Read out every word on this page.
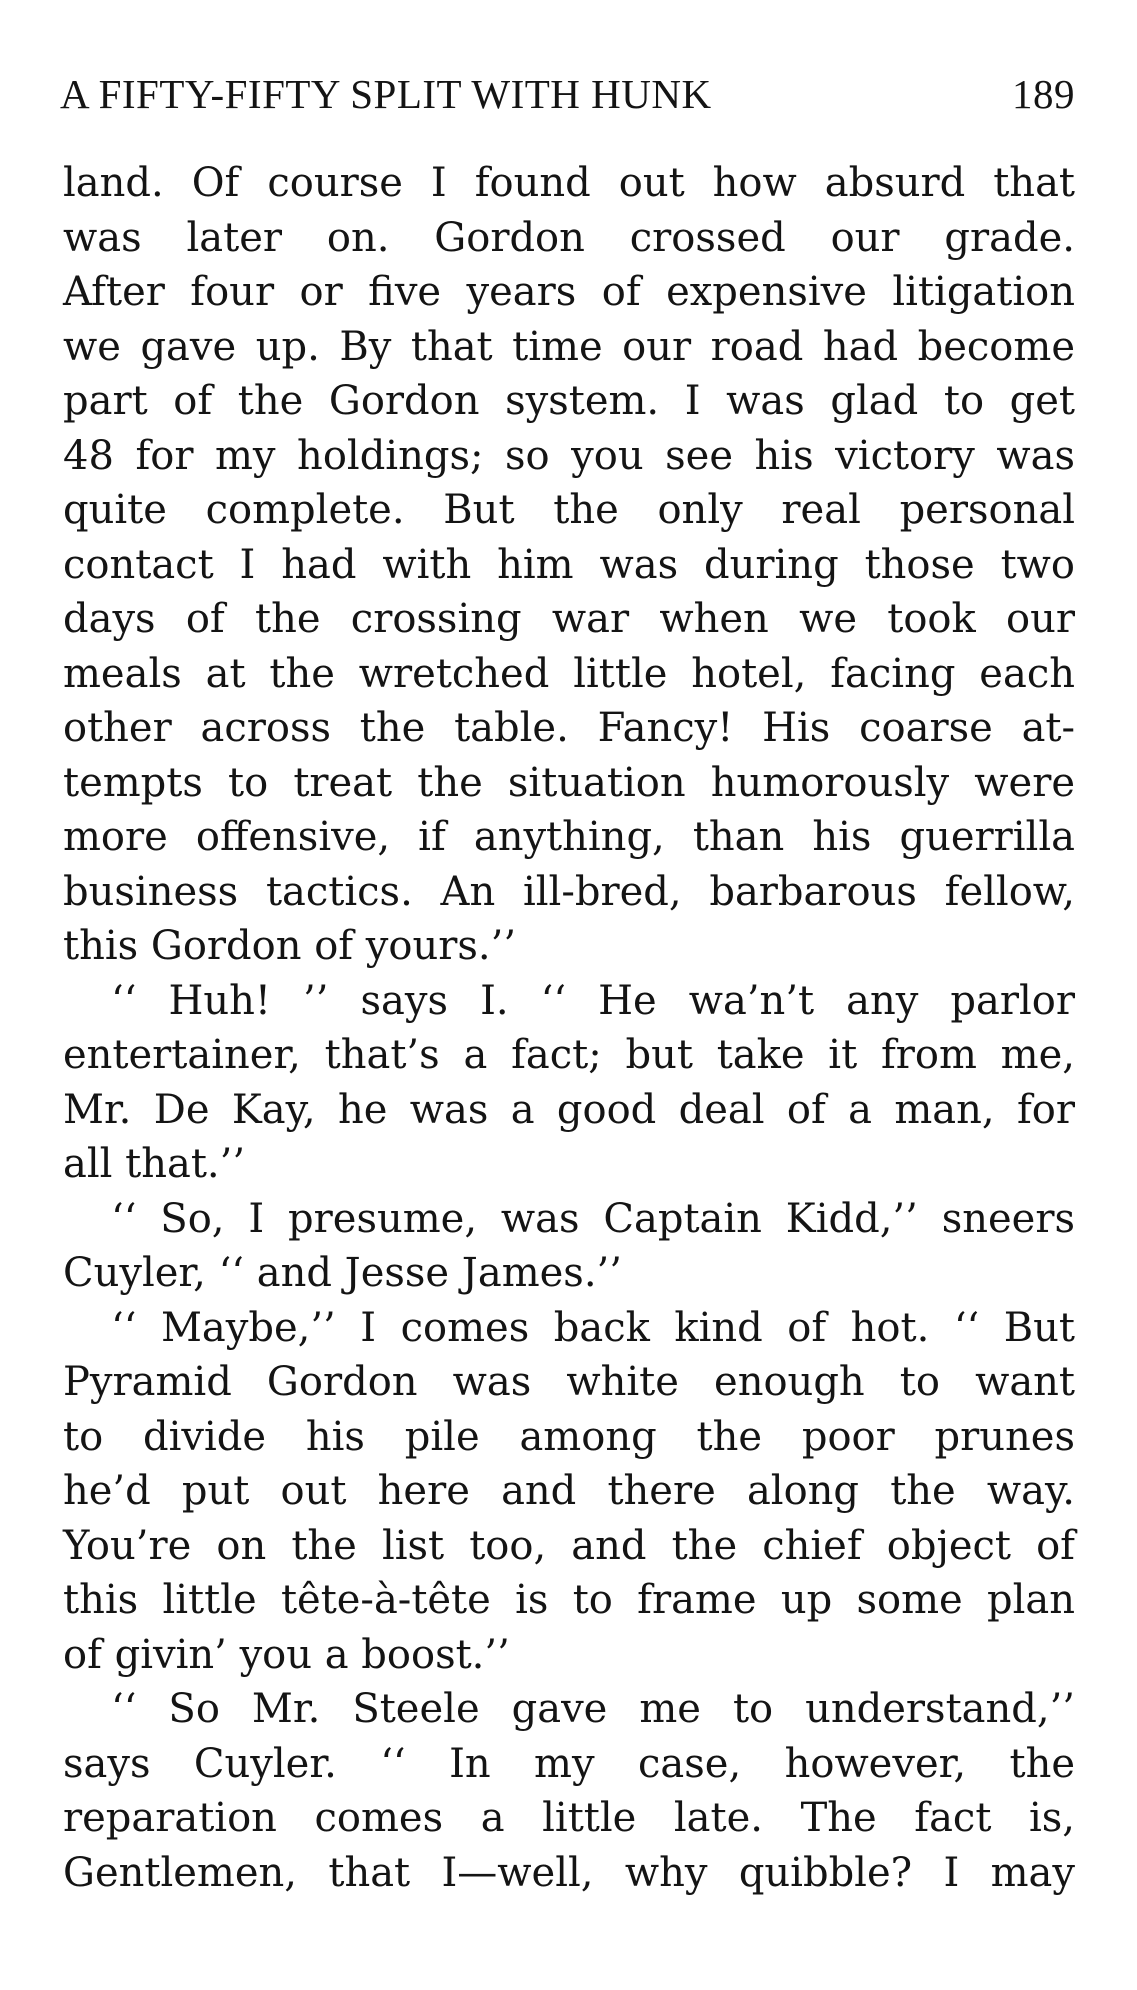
A FIFTY-FIFTY SPLIT WITH HUNK	189
land. Of course I found out how absurd that
was later on. Gordon crossed our grade.
After four or five years of expensive litigation
we gave up. By that time our road had become
part of the Gordon system. I was glad to get
48 for my holdings; so you see his victory was
quite complete. But the only real personal
contact I had with him was during those two
days of the crossing war when we took our
meals at the wretched little hotel, facing each
other across the table. Fancy! His coarse at-
tempts to treat the situation humorously were
more offensive, if anything, than his guerrilla
business tactics. An ill-bred, barbarous fellow,
this Gordon of yours.’’
‘‘ Huh! ’’ says I. ‘‘ He wa’n’t any parlor
entertainer, that’s a fact; but take it from me,
Mr. De Kay, he was a good deal of a man, for
all that.’’
‘‘ So, I presume, was Captain Kidd,’’ sneers
Cuyler, ‘‘ and Jesse James.’’
‘‘ Maybe,’’ I comes back kind of hot. ‘‘ But
Pyramid Gordon was white enough to want
to divide his pile among the poor prunes
he’d put out here and there along the way.
You’re on the list too, and the chief object of
this little tête-à-tête is to frame up some plan
of givin’ you a boost.’’
‘‘ So Mr. Steele gave me to understand,’’
says Cuyler. ‘‘ In my case, however, the
reparation comes a little late. The fact is,
Gentlemen, that I—well, why quibble? I may
